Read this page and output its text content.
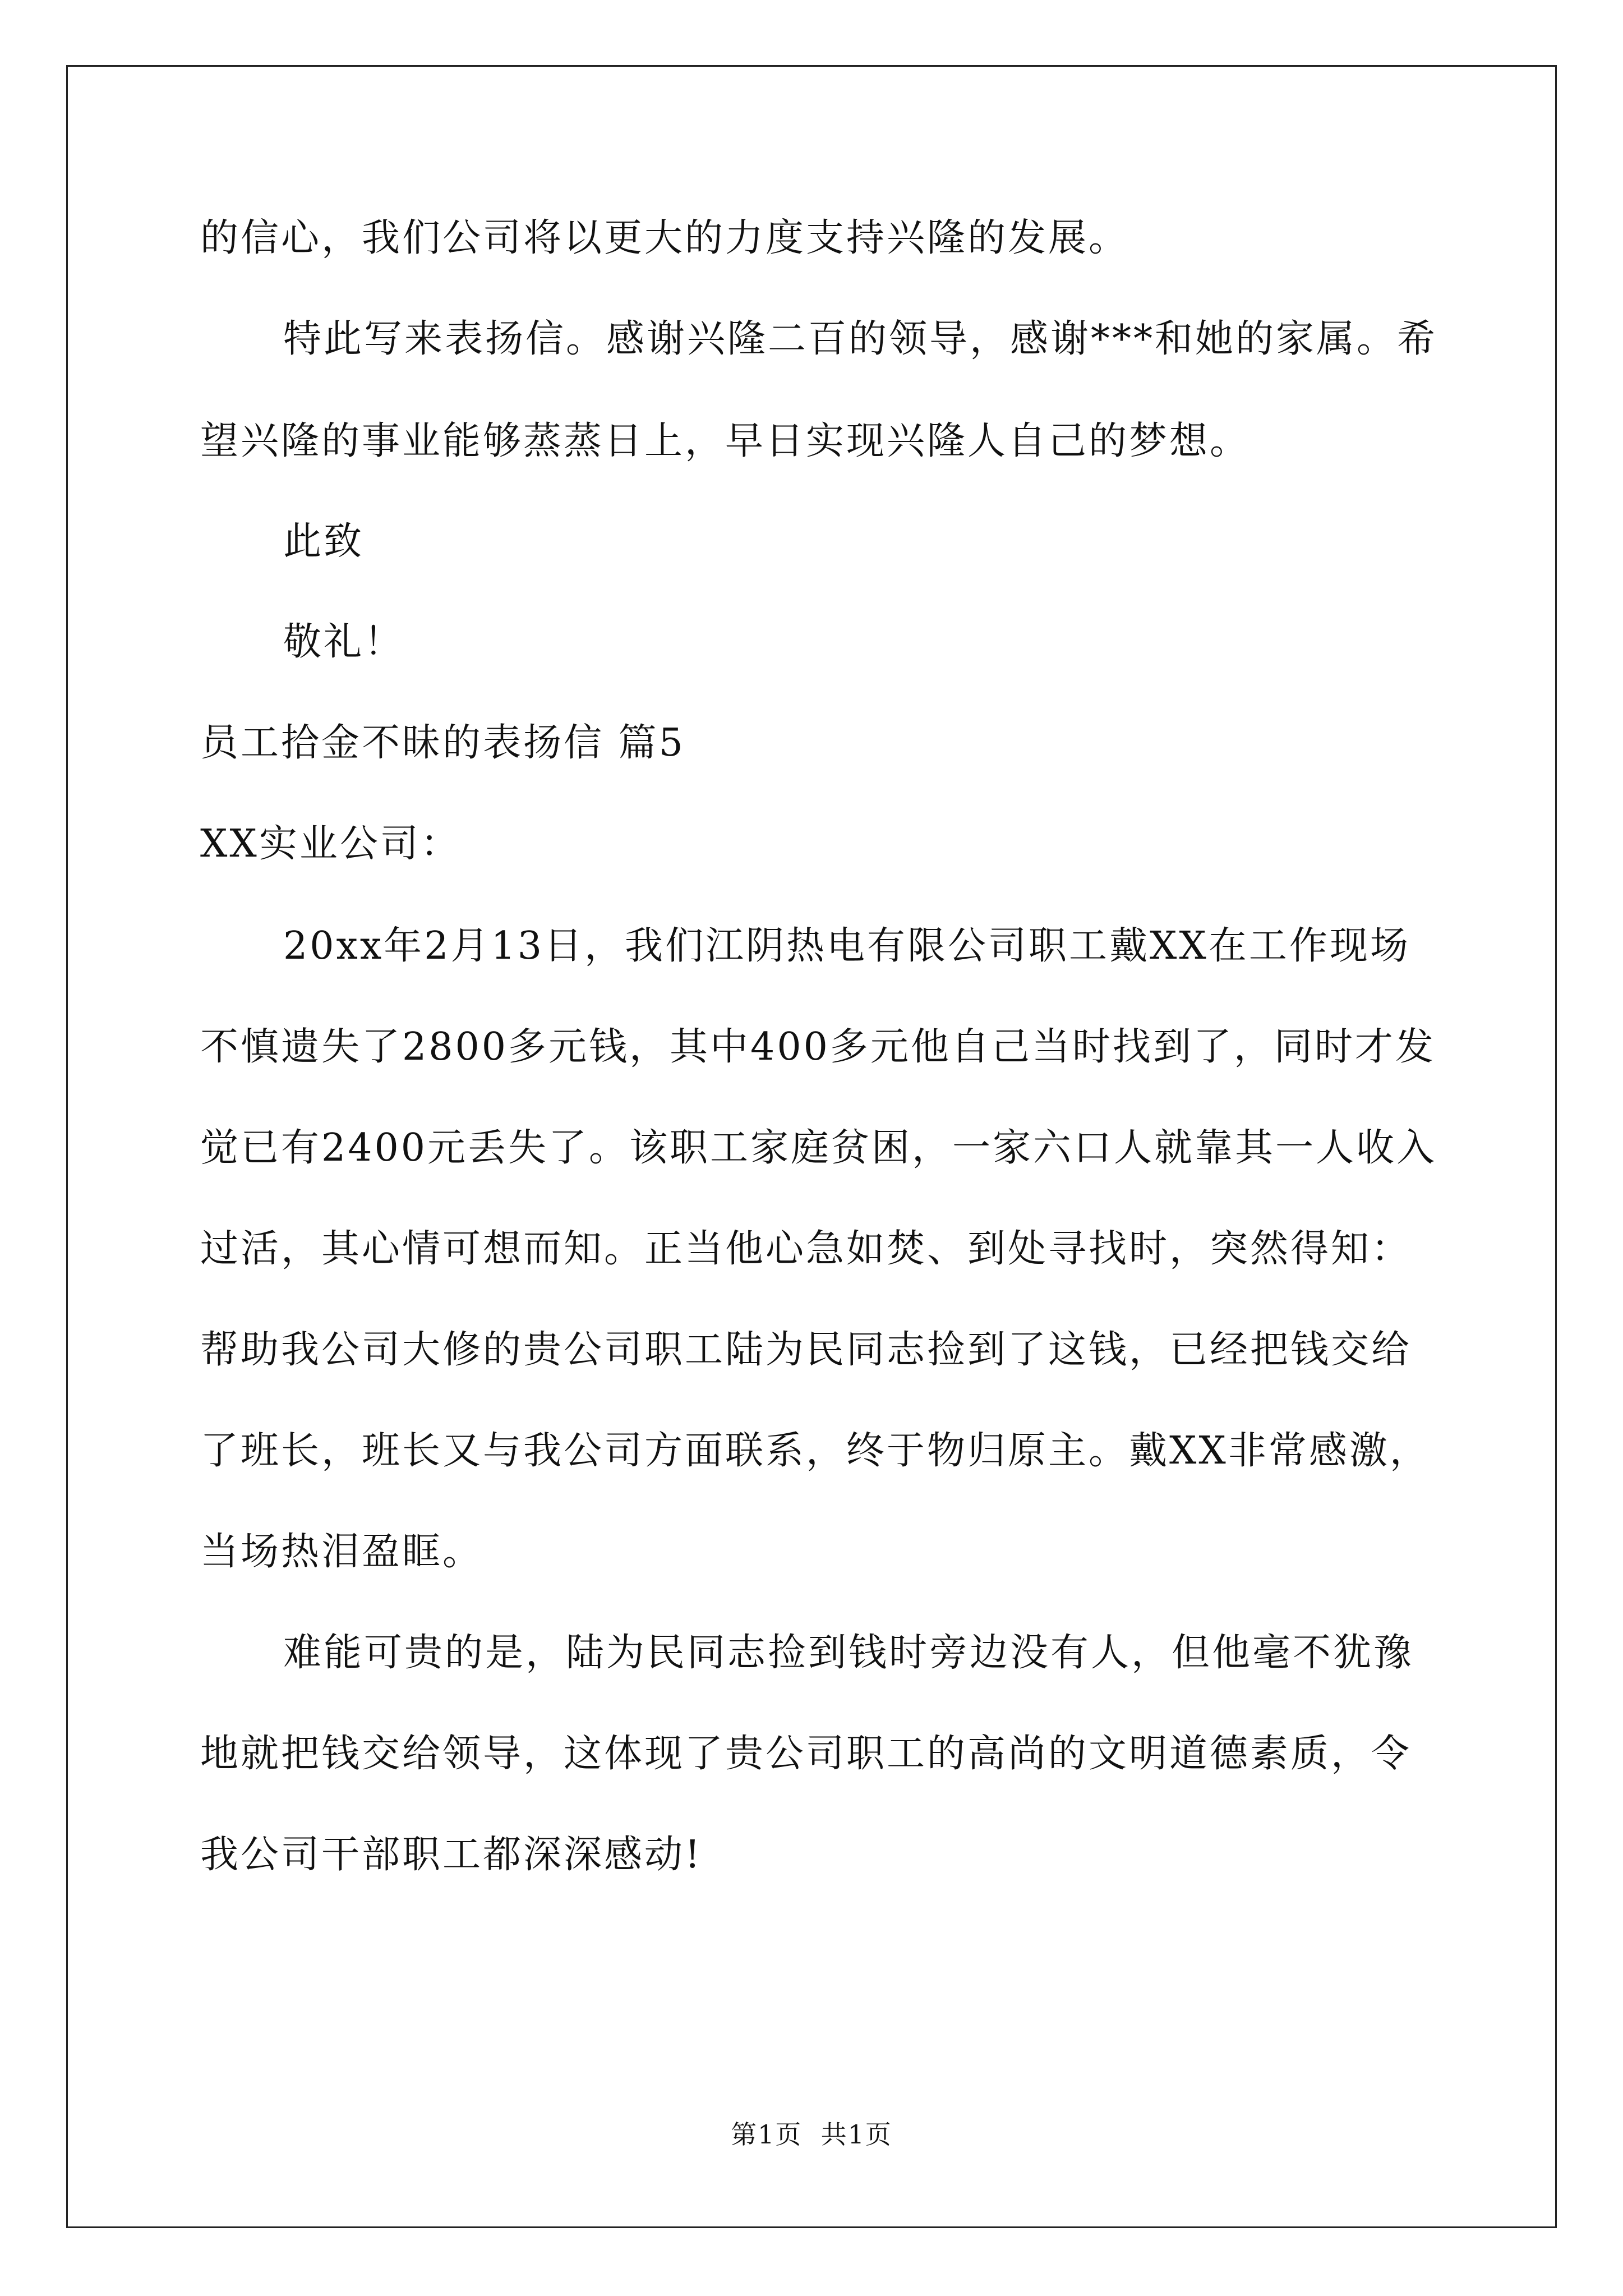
的信心，我们公司将以更大的力度支持兴隆的发展。
特此写来表扬信。感谢兴隆二百的领导，感谢***和她的家属。希
望兴隆的事业能够蒸蒸日上，早日实现兴隆人自己的梦想。
此致
敬礼！
员工拾金不昧的表扬信 篇5
XX实业公司：
20xx年2月13日，我们江阴热电有限公司职工戴XX在工作现场
不慎遗失了2800多元钱，其中400多元他自己当时找到了，同时才发
觉已有2400元丢失了。该职工家庭贫困，一家六口人就靠其一人收入
过活，其心情可想而知。正当他心急如焚、到处寻找时，突然得知：
帮助我公司大修的贵公司职工陆为民同志捡到了这钱，已经把钱交给
了班长，班长又与我公司方面联系，终于物归原主。戴XX非常感激，
当场热泪盈眶。
难能可贵的是，陆为民同志捡到钱时旁边没有人，但他毫不犹豫
地就把钱交给领导，这体现了贵公司职工的高尚的文明道德素质，令
我公司干部职工都深深感动!
第1页  共1页
